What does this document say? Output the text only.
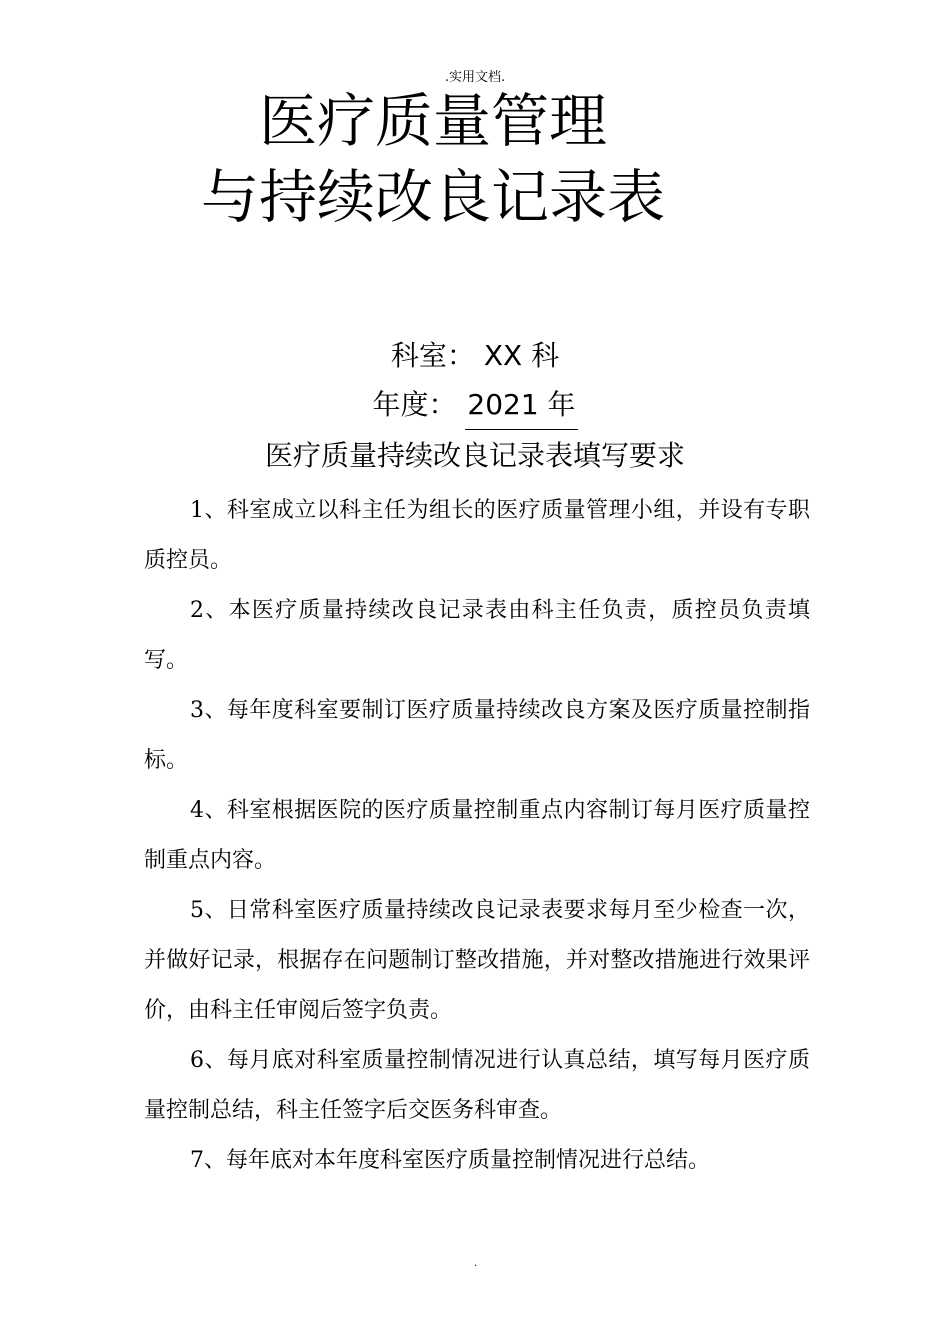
.实用文档.
医疗质量管理
与持续改良记录表
科室： XX 科
年度： 2021 年
医疗质量持续改良记录表填写要求
1、科室成立以科主任为组长的医疗质量管理小组，并设有专职质控员。
2、本医疗质量持续改良记录表由科主任负责，质控员负责填写。
3、每年度科室要制订医疗质量持续改良方案及医疗质量控制指标。
4、科室根据医院的医疗质量控制重点内容制订每月医疗质量控制重点内容。
5、日常科室医疗质量持续改良记录表要求每月至少检查一次，并做好记录，根据存在问题制订整改措施，并对整改措施进行效果评价，由科主任审阅后签字负责。
6、每月底对科室质量控制情况进行认真总结，填写每月医疗质量控制总结，科主任签字后交医务科审查。
7、每年底对本年度科室医疗质量控制情况进行总结。
.
